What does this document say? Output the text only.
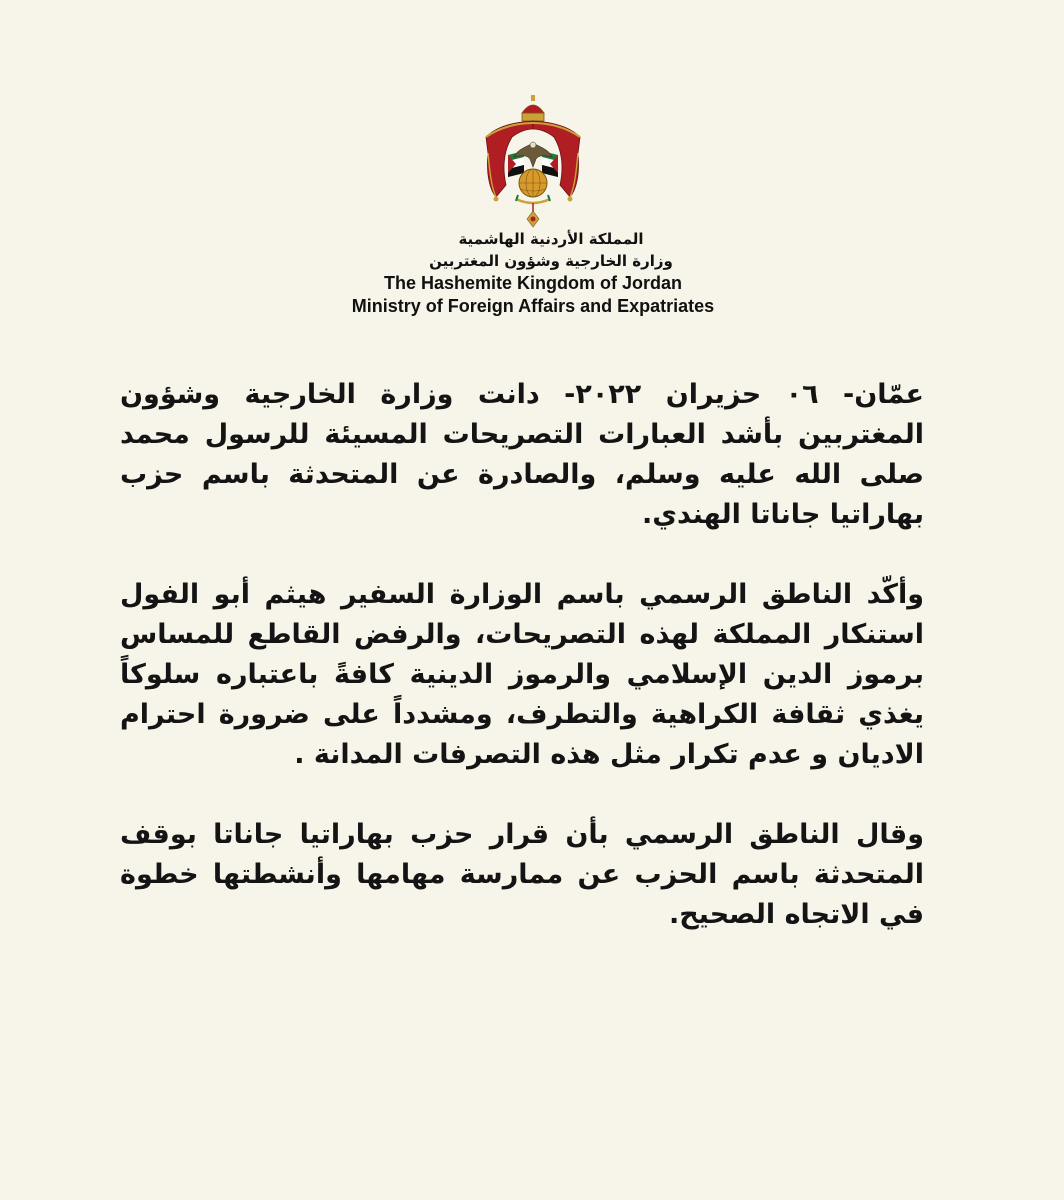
المملكة الأردنية الهاشمية
وزارة الخارجية وشؤون المغتربين
The Hashemite Kingdom of Jordan
Ministry of Foreign Affairs and Expatriates

عمّان- ٠٦ حزيران ٢٠٢٢- دانت وزارة الخارجية وشؤون المغتربين بأشد العبارات التصريحات المسيئة للرسول محمد صلى الله عليه وسلم، والصادرة عن المتحدثة باسم حزب بهاراتيا جاناتا الهندي.

وأكّد الناطق الرسمي باسم الوزارة السفير هيثم أبو الفول استنكار المملكة لهذه التصريحات، والرفض القاطع للمساس برموز الدين الإسلامي والرموز الدينية كافةً باعتباره سلوكاً يغذي ثقافة الكراهية والتطرف، ومشدداً على ضرورة احترام الاديان و عدم تكرار مثل هذه التصرفات المدانة .

وقال الناطق الرسمي بأن قرار حزب بهاراتيا جاناتا بوقف المتحدثة باسم الحزب عن ممارسة مهامها وأنشطتها خطوة في الاتجاه الصحيح.
